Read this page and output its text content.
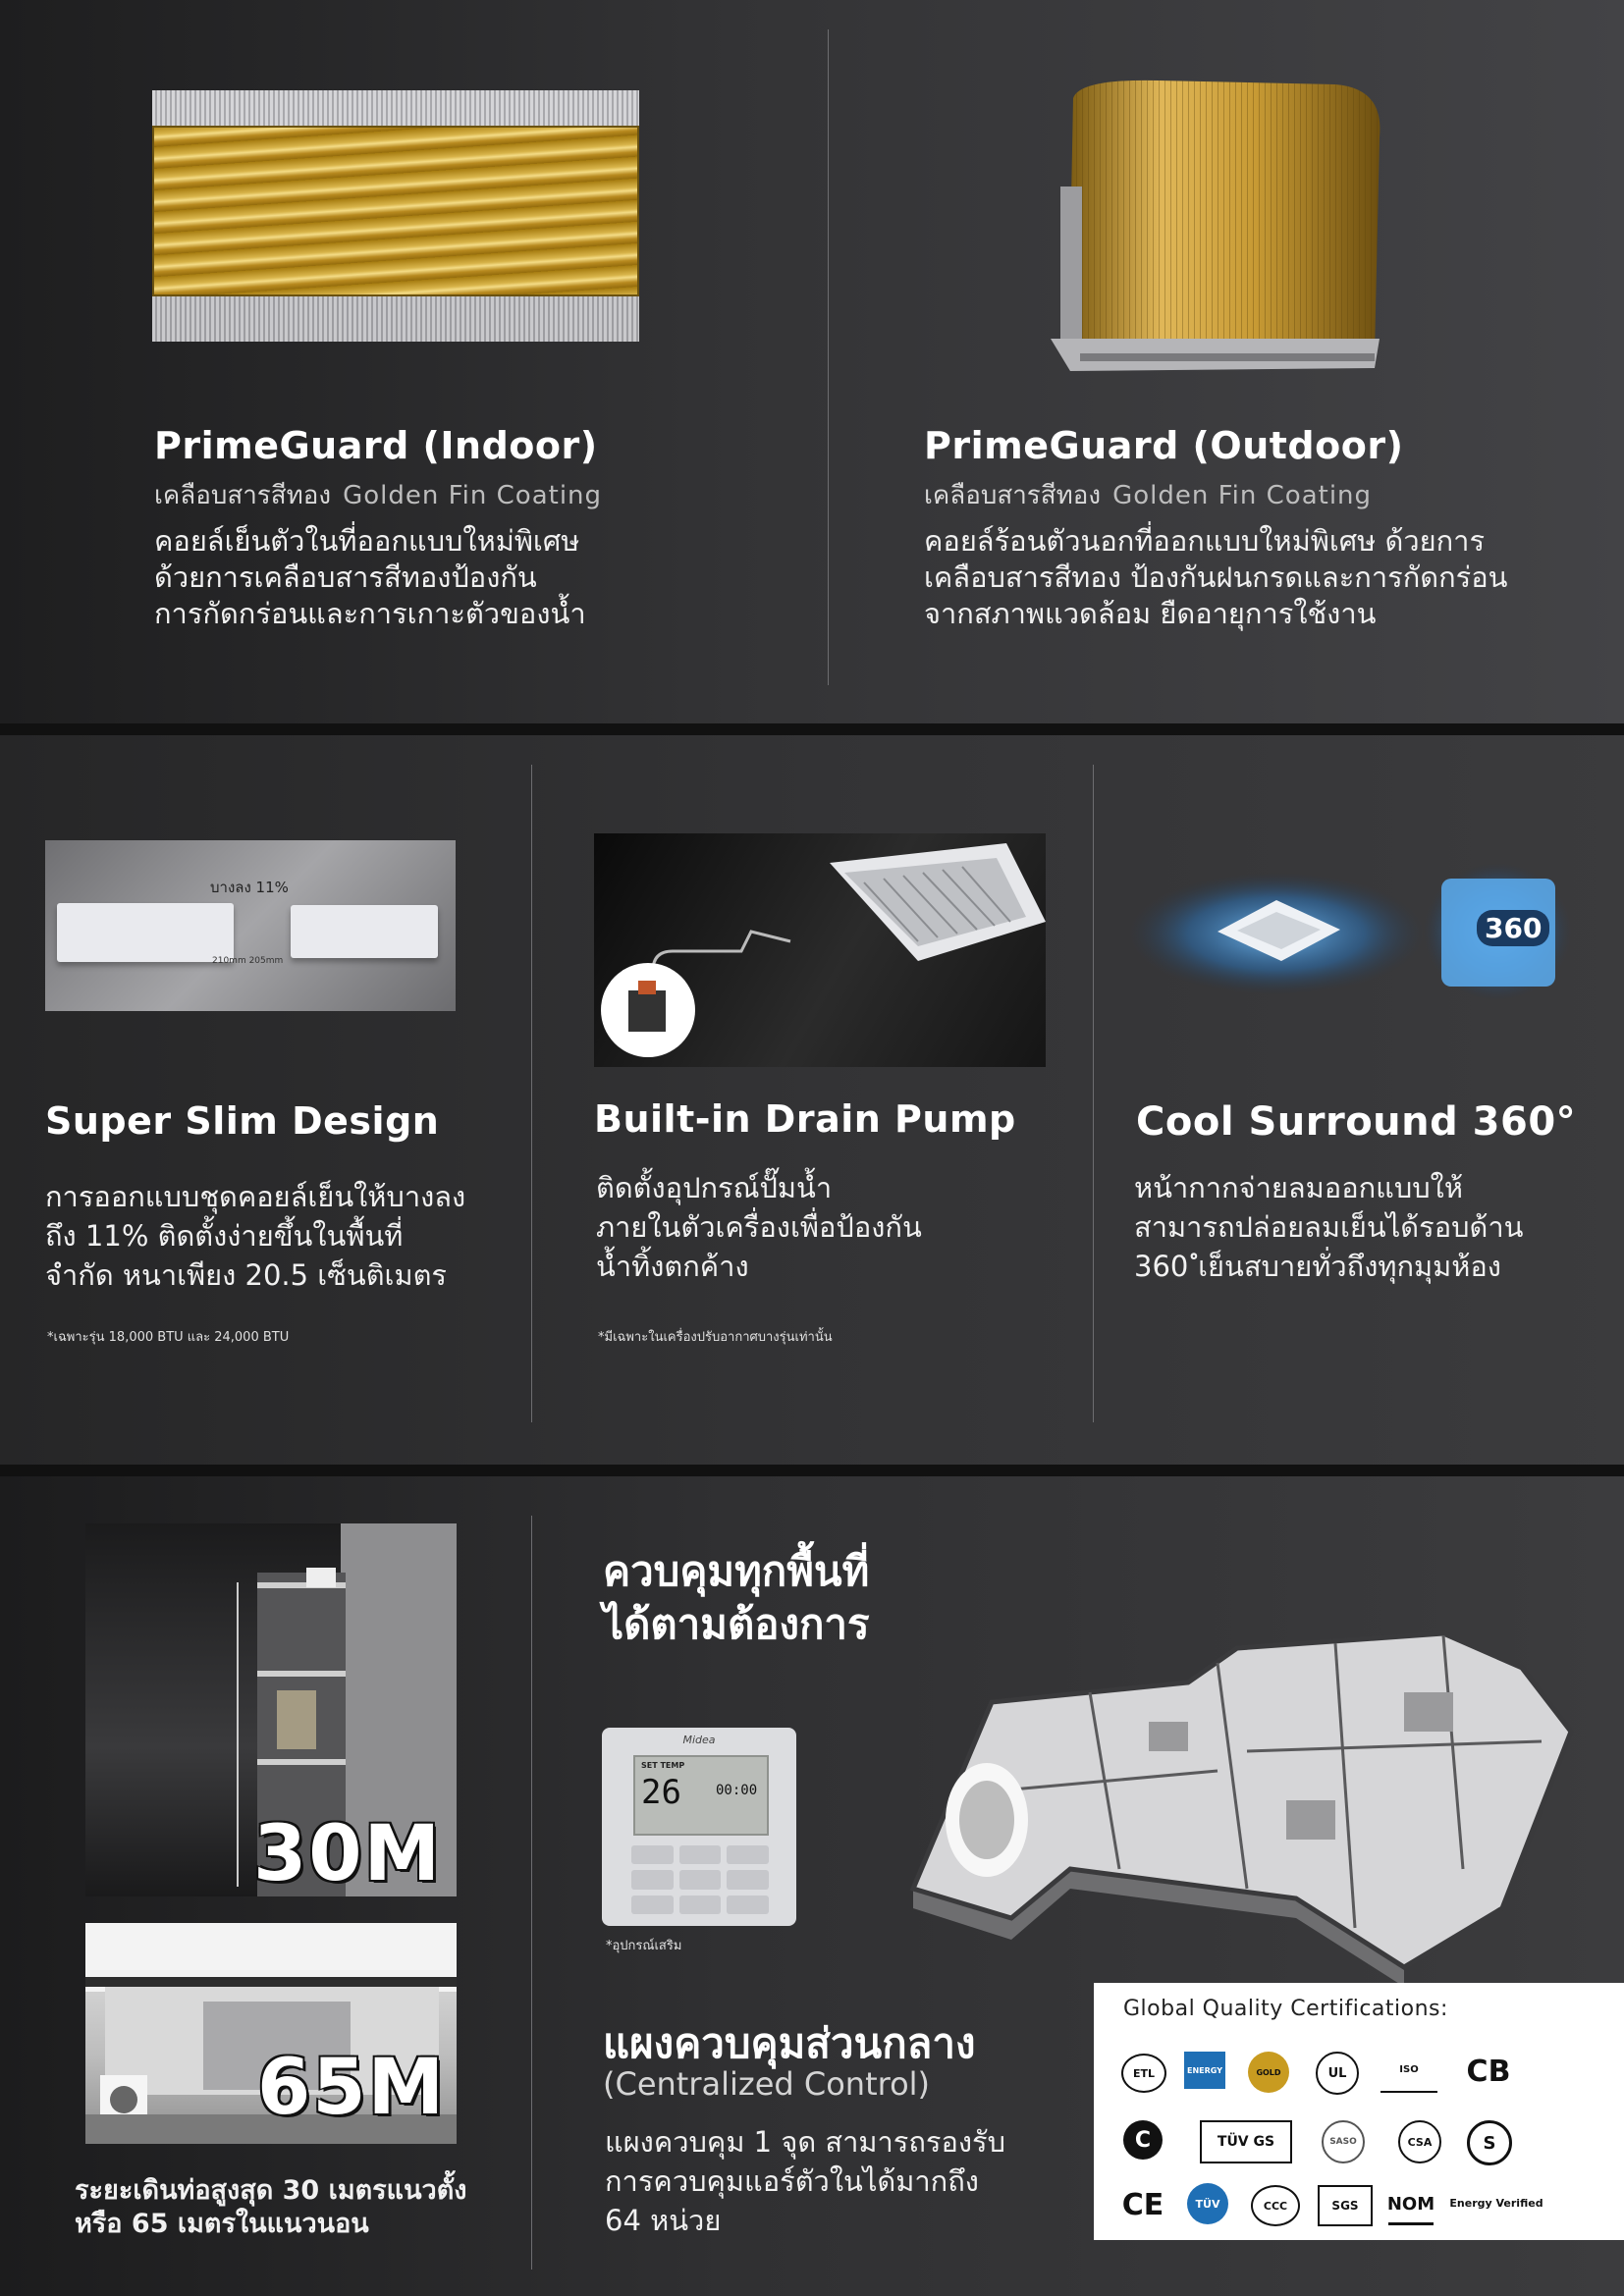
PrimeGuard (Indoor)
เคลือบสารสีทอง Golden Fin Coating
คอยล์เย็นตัวในที่ออกแบบใหม่พิเศษ
ด้วยการเคลือบสารสีทองป้องกัน
การกัดกร่อนและการเกาะตัวของน้ำ
PrimeGuard (Outdoor)
เคลือบสารสีทอง Golden Fin Coating
คอยล์ร้อนตัวนอกที่ออกแบบใหม่พิเศษ ด้วยการ
เคลือบสารสีทอง ป้องกันฝนกรดและการกัดกร่อน
จากสภาพแวดล้อม ยืดอายุการใช้งาน
บางลง 11%
210mm 205mm
Super Slim Design
การออกแบบชุดคอยล์เย็นให้บางลง
ถึง 11% ติดตั้งง่ายขึ้นในพื้นที่
จำกัด หนาเพียง 20.5 เซ็นติเมตร
*เฉพาะรุ่น 18,000 BTU และ 24,000 BTU
Built-in Drain Pump
ติดตั้งอุปกรณ์ปั๊มน้ำ
ภายในตัวเครื่องเพื่อป้องกัน
น้ำทิ้งตกค้าง
*มีเฉพาะในเครื่องปรับอากาศบางรุ่นเท่านั้น
360
Cool Surround 360°
หน้ากากจ่ายลมออกแบบให้
สามารถปล่อยลมเย็นได้รอบด้าน
360 ํเย็นสบายทั่วถึงทุกมุมห้อง
30M
65M
ระยะเดินท่อสูงสุด 30 เมตรแนวตั้ง
หรือ 65 เมตรในแนวนอน
ควบคุมทุกพื้นที่
ได้ตามต้องการ
Midea
SET TEMP
26	00:00
*อุปกรณ์เสริม
แผงควบคุมส่วนกลาง
(Centralized Control)
แผงควบคุม 1 จุด สามารถรองรับ
การควบคุมแอร์ตัวในได้มากถึง
64 หน่วย
Global Quality Certifications:
ETL	ENERGY	GOLD	UL	ISO	CB
C	TÜV GS	SASO	CSA	S
CE	TÜV	CCC	SGS	NOM Energy Verified
